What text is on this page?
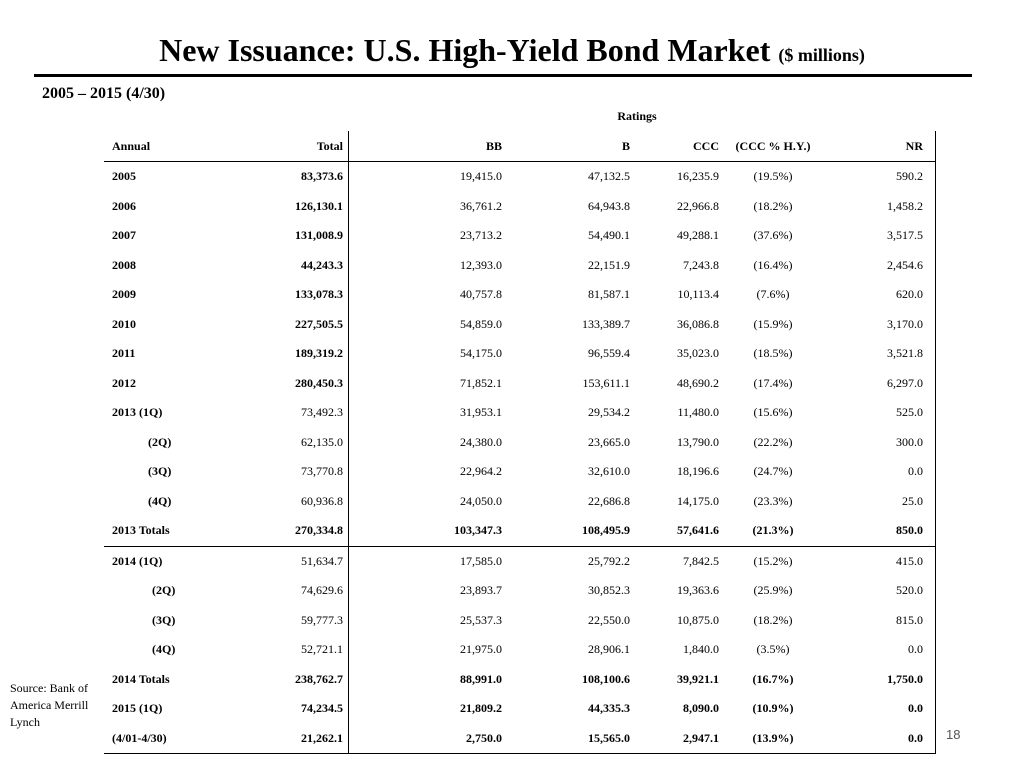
New Issuance: U.S. High-Yield Bond Market ($ millions)
2005 – 2015 (4/30)
Ratings
Annual	Total	BB	B	CCC	(CCC % H.Y.)	NR
2005	83,373.6	19,415.0	47,132.5	16,235.9	(19.5%)	590.2
2006	126,130.1	36,761.2	64,943.8	22,966.8	(18.2%)	1,458.2
2007	131,008.9	23,713.2	54,490.1	49,288.1	(37.6%)	3,517.5
2008	44,243.3	12,393.0	22,151.9	7,243.8	(16.4%)	2,454.6
2009	133,078.3	40,757.8	81,587.1	10,113.4	(7.6%)	620.0
2010	227,505.5	54,859.0	133,389.7	36,086.8	(15.9%)	3,170.0
2011	189,319.2	54,175.0	96,559.4	35,023.0	(18.5%)	3,521.8
2012	280,450.3	71,852.1	153,611.1	48,690.2	(17.4%)	6,297.0
2013 (1Q)	73,492.3	31,953.1	29,534.2	11,480.0	(15.6%)	525.0
(2Q)	62,135.0	24,380.0	23,665.0	13,790.0	(22.2%)	300.0
(3Q)	73,770.8	22,964.2	32,610.0	18,196.6	(24.7%)	0.0
(4Q)	60,936.8	24,050.0	22,686.8	14,175.0	(23.3%)	25.0
2013 Totals	270,334.8	103,347.3	108,495.9	57,641.6	(21.3%)	850.0
2014 (1Q)	51,634.7	17,585.0	25,792.2	7,842.5	(15.2%)	415.0
(2Q)	74,629.6	23,893.7	30,852.3	19,363.6	(25.9%)	520.0
(3Q)	59,777.3	25,537.3	22,550.0	10,875.0	(18.2%)	815.0
(4Q)	52,721.1	21,975.0	28,906.1	1,840.0	(3.5%)	0.0
2014 Totals	238,762.7	88,991.0	108,100.6	39,921.1	(16.7%)	1,750.0
2015 (1Q)	74,234.5	21,809.2	44,335.3	8,090.0	(10.9%)	0.0
(4/01-4/30)	21,262.1	2,750.0	15,565.0	2,947.1	(13.9%)	0.0
Source: Bank of America Merrill Lynch
18
